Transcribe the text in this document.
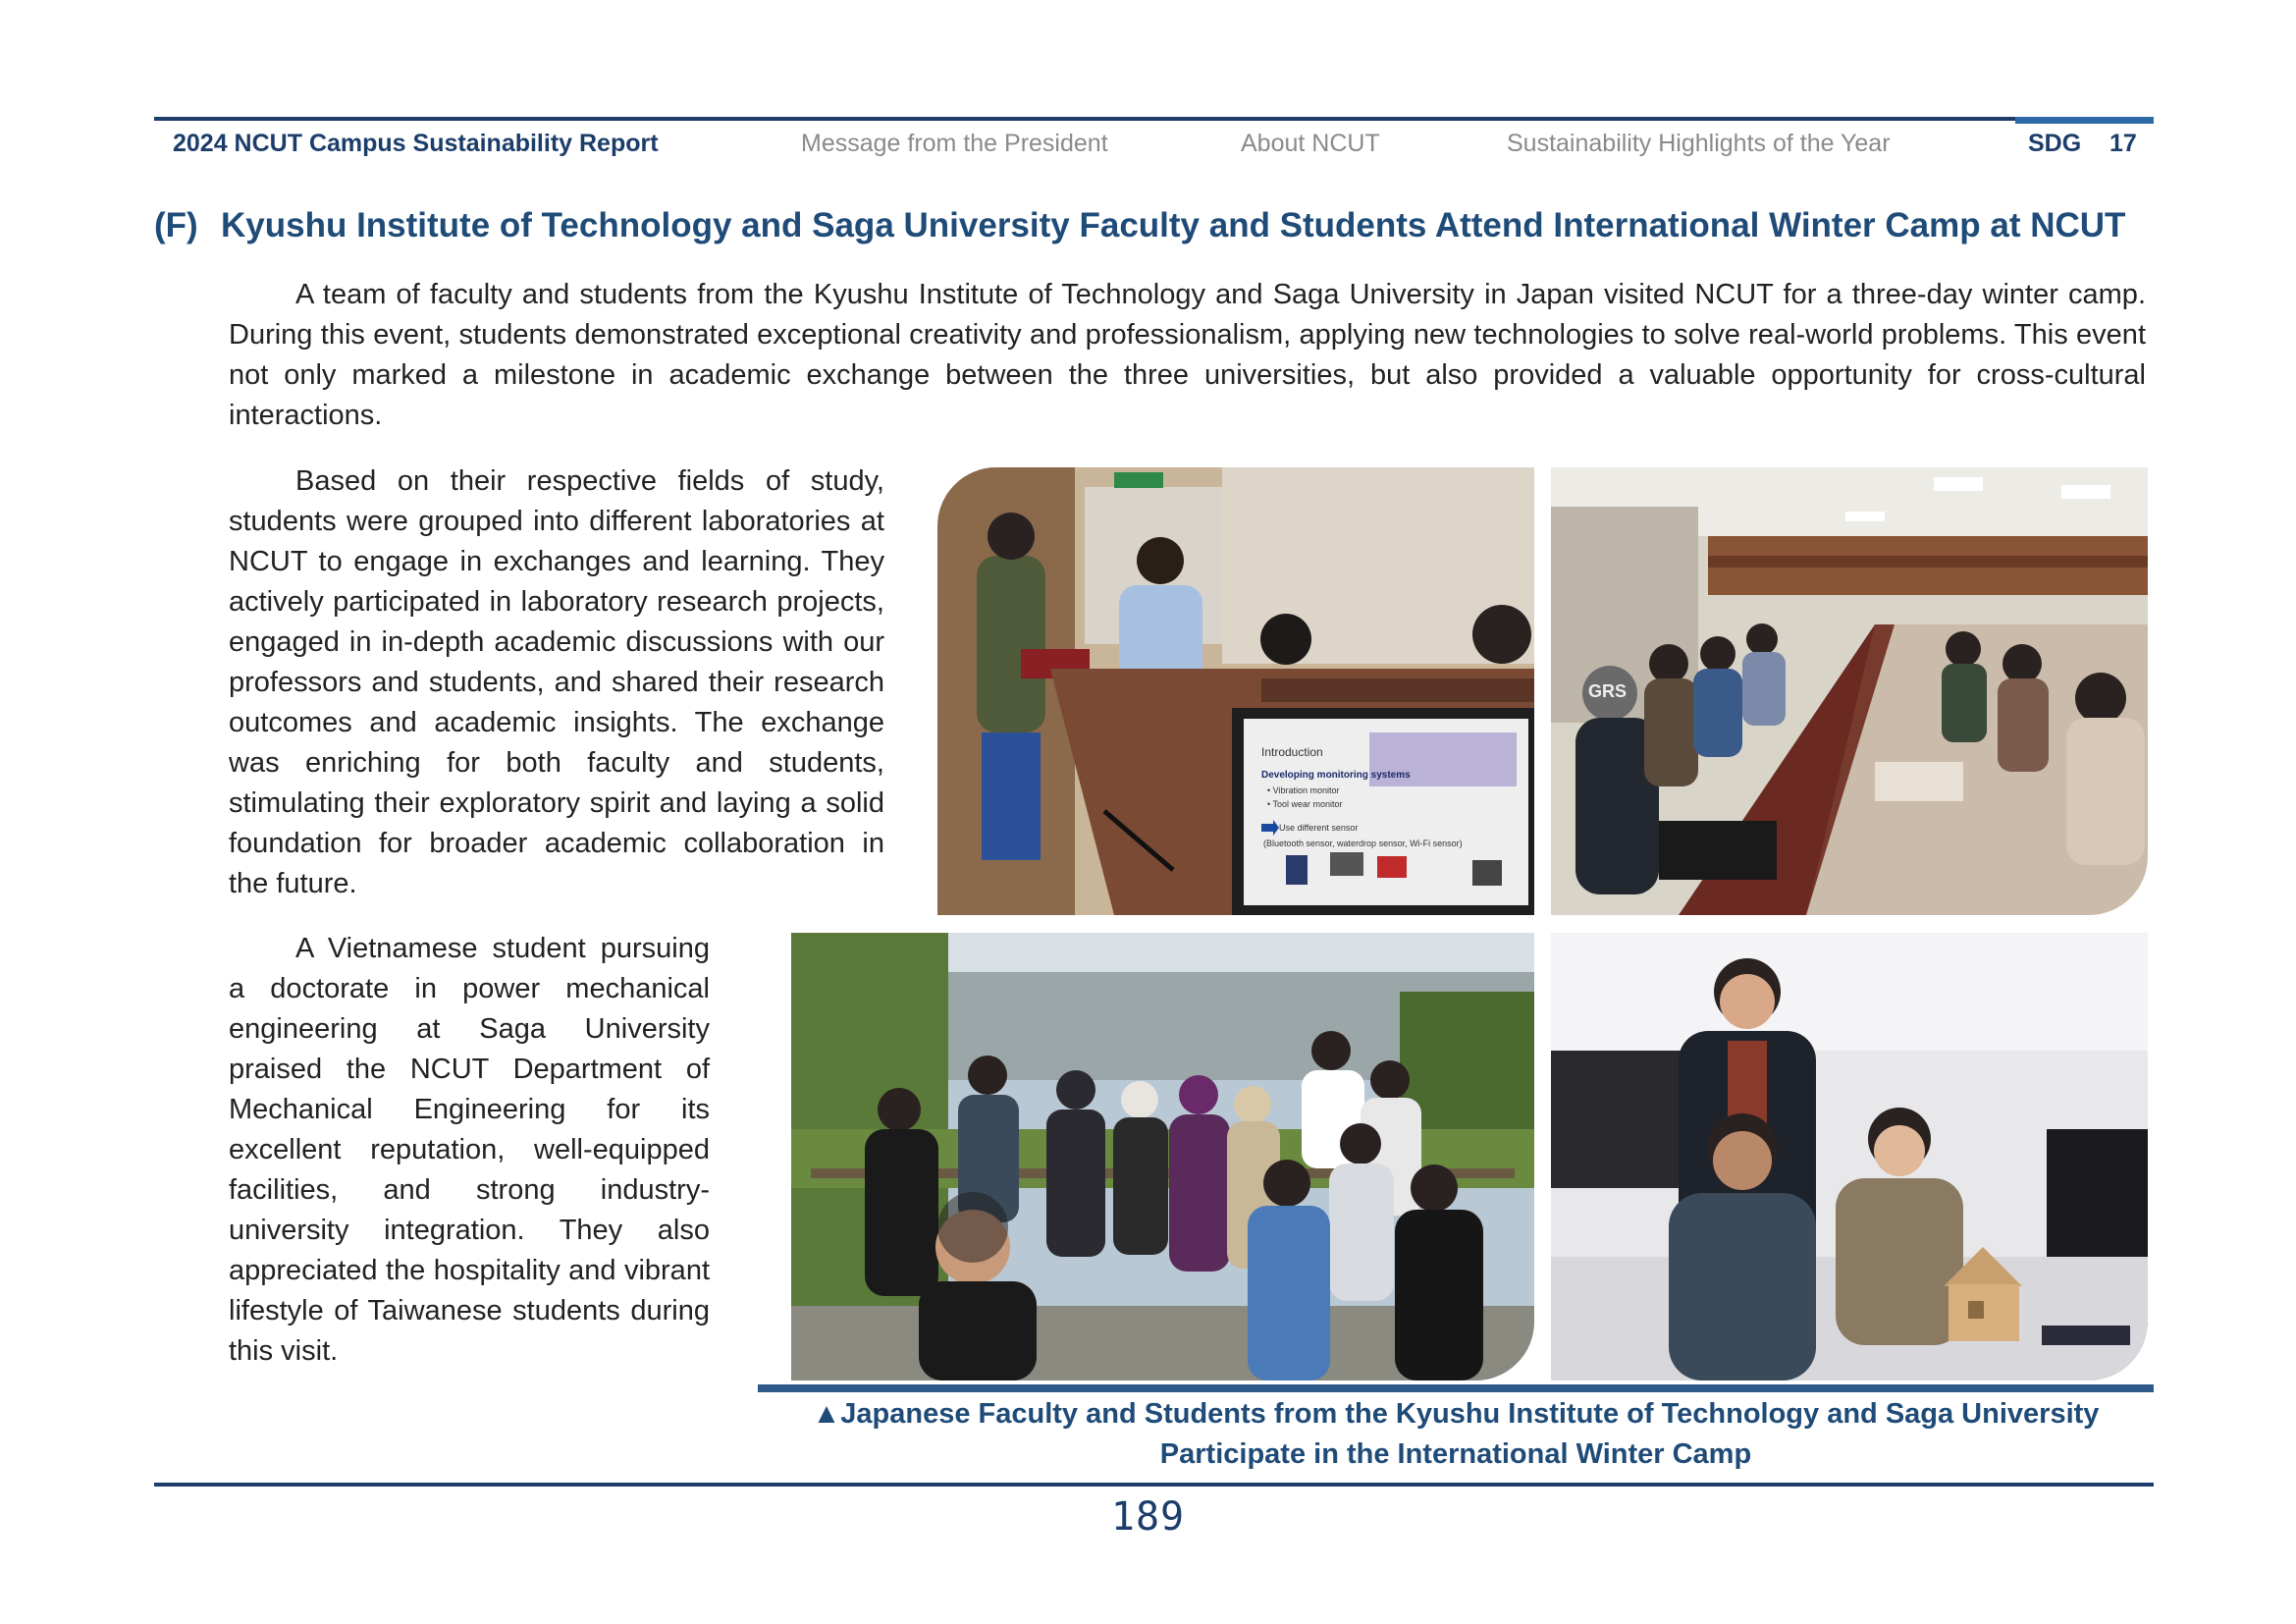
2024 NCUT Campus Sustainability Report	Message from the President	About NCUT	Sustainability Highlights of the Year	SDG 17
(F) Kyushu Institute of Technology and Saga University Faculty and Students Attend International Winter Camp at NCUT
A team of faculty and students from the Kyushu Institute of Technology and Saga University in Japan visited NCUT for a three-day winter camp. During this event, students demonstrated exceptional creativity and professionalism, applying new technologies to solve real-world problems. This event not only marked a milestone in academic exchange between the three universities, but also provided a valuable opportunity for cross-cultural interactions.
Based on their respective fields of study, students were grouped into different laboratories at NCUT to engage in exchanges and learning. They actively participated in laboratory research projects, engaged in in-depth academic discussions with our professors and students, and shared their research outcomes and academic insights. The exchange was enriching for both faculty and students, stimulating their exploratory spirit and laying a solid foundation for broader academic collaboration in the future.
A Vietnamese student pursuing a doctorate in power mechanical engineering at Saga University praised the NCUT Department of Mechanical Engineering for its excellent reputation, well-equipped facilities, and strong industry-university integration. They also appreciated the hospitality and vibrant lifestyle of Taiwanese students during this visit.
Introduction
Developing monitoring systems
• Vibration monitor
• Tool wear monitor
Use different sensor
(Bluetooth sensor, waterdrop sensor, Wi-Fi sensor)
GRS
▲Japanese Faculty and Students from the Kyushu Institute of Technology and Saga University
Participate in the International Winter Camp
189
